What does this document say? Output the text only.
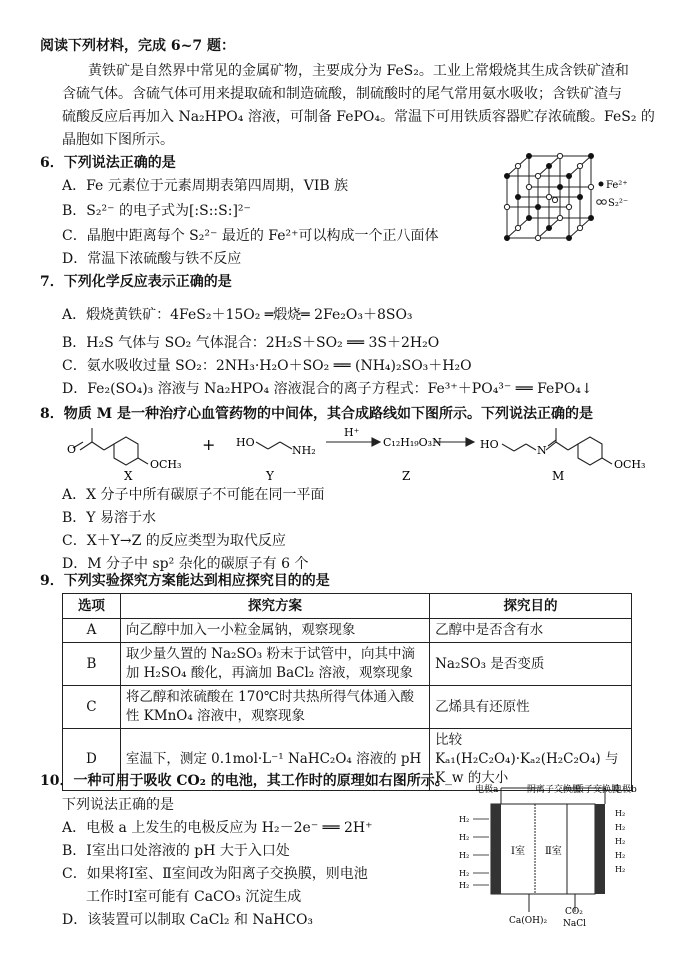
阅读下列材料，完成 6~7 题：
黄铁矿是自然界中常见的金属矿物，主要成分为 FeS₂。工业上常煅烧其生成含铁矿渣和
含硫气体。含硫气体可用来提取硫和制造硫酸，制硫酸时的尾气常用氨水吸收；含铁矿渣与
硫酸反应后再加入 Na₂HPO₄ 溶液，可制备 FePO₄。常温下可用铁质容器贮存浓硫酸。FeS₂ 的
晶胞如下图所示。
6．下列说法正确的是
A．Fe 元素位于元素周期表第四周期，VIB 族
B．S₂²⁻ 的电子式为[:S::S:]²⁻
C．晶胞中距离每个 S₂²⁻ 最近的 Fe²⁺可以构成一个正八面体
D．常温下浓硫酸与铁不反应
Fe²⁺
S₂²⁻
7．下列化学反应表示正确的是
A．煅烧黄铁矿：4FeS₂＋15O₂ ═煅烧═ 2Fe₂O₃＋8SO₃
B．H₂S 气体与 SO₂ 气体混合：2H₂S＋SO₂ ══ 3S＋2H₂O
C．氨水吸收过量 SO₂：2NH₃·H₂O＋SO₂ ══ (NH₄)₂SO₃＋H₂O
D．Fe₂(SO₄)₃ 溶液与 Na₂HPO₄ 溶液混合的离子方程式：Fe³⁺＋PO₄³⁻ ══ FePO₄↓
8．物质 M 是一种治疗心血管药物的中间体，其合成路线如下图所示。下列说法正确的是
O
OCH₃
X
+ HO
NH₂
Y
H⁺
C₁₂H₁₉O₃N
Z
HO	N
OCH₃
M
A．X 分子中所有碳原子不可能在同一平面
B．Y 易溶于水
C．X＋Y→Z 的反应类型为取代反应
D．M 分子中 sp² 杂化的碳原子有 6 个
9．下列实验探究方案能达到相应探究目的的是
选项	探究方案	探究目的
A	向乙醇中加入一小粒金属钠，观察现象	乙醇中是否含有水
B	取少量久置的 Na₂SO₃ 粉末于试管中，向其中滴加 H₂SO₄ 酸化，再滴加 BaCl₂ 溶液，观察现象	Na₂SO₃ 是否变质
C	将乙醇和浓硫酸在 170℃时共热所得气体通入酸性 KMnO₄ 溶液中，观察现象	乙烯具有还原性
D	室温下，测定 0.1mol·L⁻¹ NaHC₂O₄ 溶液的 pH	比较 Kₐ₁(H₂C₂O₄)·Kₐ₂(H₂C₂O₄) 与 K_w 的大小
10．一种可用于吸收 CO₂ 的电池，其工作时的原理如右图所示。
下列说法正确的是
A．电极 a 上发生的电极反应为 H₂－2e⁻ ══ 2H⁺
B．Ⅰ室出口处溶液的 pH 大于入口处
C．如果将Ⅰ室、Ⅱ室间改为阳离子交换膜，则电池
工作时Ⅰ室可能有 CaCO₃ 沉淀生成
D．该装置可以制取 CaCl₂ 和 NaHCO₃
电极a	阴离子交换膜
质子交换膜
电极b
H₂
H₂
H₂
H₂
H₂
H₂
H₂
H₂
H₂
H₂
Ⅰ室 Ⅱ室
Ca(OH)₂
CO₂
NaCl
